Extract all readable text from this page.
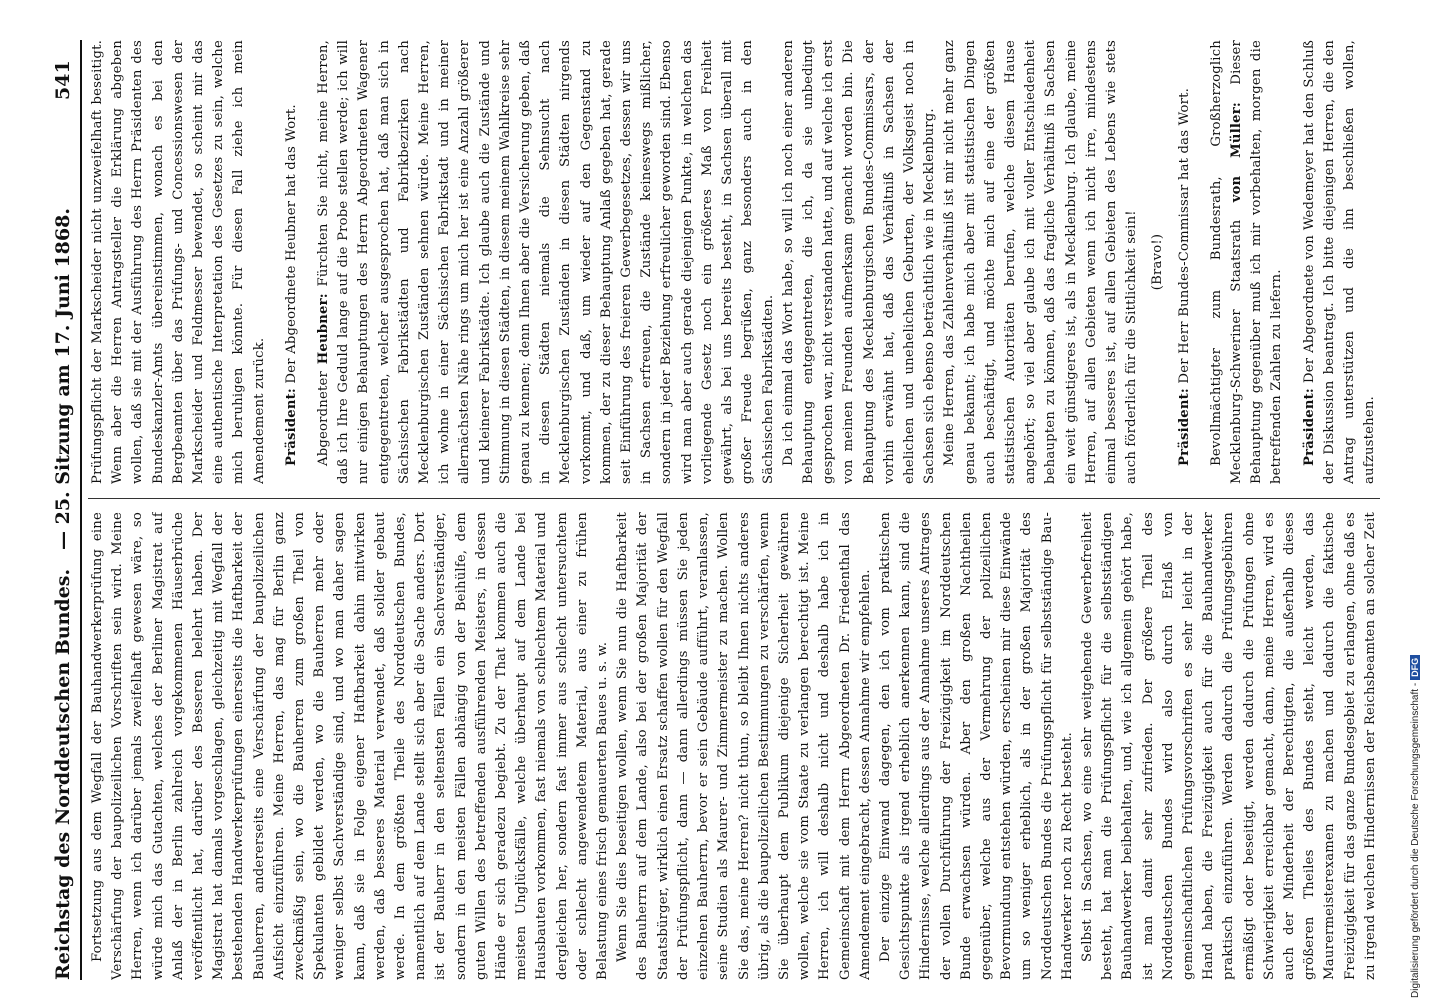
Reichstag des Norddeutschen Bundes.
— 25. Sitzung am 17. Juni 1868.
541

Fortsetzung aus dem Wegfall der Bauhandwerkerprüfung eine Verschärfung der baupolizeilichen Vorschriften sein wird. Meine Herren, wenn ich darüber jemals zweifelhaft gewesen wäre, so würde mich das Gutachten, welches der Berliner Magistrat auf Anlaß der in Berlin zahlreich vorgekommenen Häuserbrüche veröffentlicht hat, darüber des Besseren belehrt haben. Der Magistrat hat damals vorgeschlagen, gleichzeitig mit Wegfall der bestehenden Handwerkerprüfungen einerseits die Haftbarkeit der Bauherren, andererseits eine Verschärfung der baupolizeilichen Aufsicht einzuführen. Meine Herren, das mag für Berlin ganz zweckmäßig sein, wo die Bauherren zum großen Theil von Spekulanten gebildet werden, wo die Bauherren mehr oder weniger selbst Sachverständige sind, und wo man daher sagen kann, daß sie in Folge eigener Haftbarkeit dahin mitwirken werden, daß besseres Material verwendet, daß solider gebaut werde. In dem größten Theile des Norddeutschen Bundes, namentlich auf dem Lande stellt sich aber die Sache anders. Dort ist der Bauherr in den seltensten Fällen ein Sachverständiger, sondern in den meisten Fällen abhängig von der Beihülfe, dem guten Willen des betreffenden ausführenden Meisters, in dessen Hände er sich geradezu begiebt. Zu der That kommen auch die meisten Unglücksfälle, welche überhaupt auf dem Lande bei Hausbauten vorkommen, fast niemals von schlechtem Material und dergleichen her, sondern fast immer aus schlecht untersuchtem oder schlecht angewendetem Material, aus einer zu frühen Belastung eines frisch gemauerten Baues u. s. w. Wenn Sie dies beseitigen wollen, wenn Sie nun die Haftbarkeit des Bauherrn auf dem Lande, also bei der großen Majorität der Staatsbürger, wirklich einen Ersatz schaffen wollen für den Wegfall der Prüfungspflicht, dann — dann allerdings müssen Sie jeden einzelnen Bauherrn, bevor er sein Gebäude aufführt, veranlassen, seine Studien als Maurer- und Zimmermeister zu machen. Wollen Sie das, meine Herren? nicht thun, so bleibt Ihnen nichts anderes übrig, als die baupolizeilichen Bestimmungen zu verschärfen, wenn Sie überhaupt dem Publikum diejenige Sicherheit gewähren wollen, welche sie vom Staate zu verlangen berechtigt ist. Meine Herren, ich will deshalb nicht und deshalb habe ich in Gemeinschaft mit dem Herrn Abgeordneten Dr. Friedenthal das Amendement eingebracht, dessen Annahme wir empfehlen. Der einzige Einwand dagegen, den ich vom praktischen Gesichtspunkte als irgend erheblich anerkennen kann, sind die Hindernisse, welche allerdings aus der Annahme unseres Antrages der vollen Durchführung der Freizügigkeit im Norddeutschen Bunde erwachsen würden. Aber den großen Nachtheilen gegenüber, welche aus der Vermehrung der polizeilichen Bevormundung entstehen würden, erscheinen mir diese Einwände um so weniger erheblich, als in der großen Majorität des Norddeutschen Bundes die Prüfungspflicht für selbstständige Bau-Handwerker noch zu Recht besteht. Selbst in Sachsen, wo eine sehr weitgehende Gewerbefreiheit besteht, hat man die Prüfungspflicht für die selbstständigen Bauhandwerker beibehalten, und, wie ich allgemein gehört habe, ist man damit sehr zufrieden. Der größere Theil des Norddeutschen Bundes wird also durch Erlaß von gemeinschaftlichen Prüfungsvorschriften es sehr leicht in der Hand haben, die Freizügigkeit auch für die Bauhandwerker praktisch einzuführen. Werden dadurch die Prüfungsgebühren ermäßigt oder beseitigt, werden dadurch die Prüfungen ohne Schwierigkeit erreichbar gemacht, dann, meine Herren, wird es auch der Minderheit der Berechtigten, die außerhalb dieses größeren Theiles des Bundes steht, leicht werden, das Maurermeisterexamen zu machen und dadurch die faktische Freizügigkeit für das ganze Bundesgebiet zu erlangen, ohne daß es zu irgend welchen Hindernissen der Reichsbeamten an solcher Zeit

Prüfungspflicht der Markscheider nicht unzweifelhaft beseitigt. Wenn aber die Herren Antragsteller die Erklärung abgeben wollen, daß sie mit der Ausführung des Herrn Präsidenten des Bundeskanzler-Amts übereinstimmen, wonach es bei den Bergbeamten über das Prüfungs- und Concessionswesen der Markscheider und Feldmesser bewendet, so scheint mir das eine authentische Interpretation des Gesetzes zu sein, welche mich beruhigen könnte. Für diesen Fall ziehe ich mein Amendement zurück. Präsident: Der Abgeordnete Heubner hat das Wort.

Abgeordneter Heubner: Fürchten Sie nicht, meine Herren, daß ich Ihre Geduld lange auf die Probe stellen werde; ich will nur einigen Behauptungen des Herrn Abgeordneten Wagener entgegentreten, welcher ausgesprochen hat, daß man sich in Sächsischen Fabrikstädten und Fabrikbezirken nach Mecklenburgischen Zuständen sehnen würde. Meine Herren, ich wohne in einer Sächsischen Fabrikstadt und in meiner allernächsten Nähe rings um mich her ist eine Anzahl größerer und kleinerer Fabrikstädte. Ich glaube auch die Zustände und Stimmung in diesen Städten, in diesem meinem Wahlkreise sehr genau zu kennen; denn Ihnen aber die Versicherung geben, daß in diesen Städten niemals die Sehnsucht nach Mecklenburgischen Zuständen in diesen Städten nirgends vorkommt, und daß, um wieder auf den Gegenstand zu kommen, der zu dieser Behauptung Anlaß gegeben hat, gerade seit Einführung des freieren Gewerbegesetzes, dessen wir uns in Sachsen erfreuen, die Zustände keineswegs mißlicher, sondern in jeder Beziehung erfreulicher geworden sind. Ebenso wird man aber auch gerade diejenigen Punkte, in welchen das vorliegende Gesetz noch ein größeres Maß von Freiheit gewährt, als bei uns bereits besteht, in Sachsen überall mit großer Freude begrüßen, ganz besonders auch in den Sächsischen Fabrikstädten. Da ich einmal das Wort habe, so will ich noch einer anderen Behauptung entgegentreten, die ich, da sie unbedingt gesprochen war, nicht verstanden hatte, und auf welche ich erst von meinen Freunden aufmerksam gemacht worden bin. Die Behauptung des Mecklenburgischen Bundes-Commissars, der vorhin erwähnt hat, daß das Verhältniß in Sachsen der ehelichen und unehelichen Geburten, der Volksgeist noch in Sachsen sich ebenso beträchtlich wie in Mecklenburg. Meine Herren, das Zahlenverhältniß ist mir nicht mehr ganz genau bekannt; ich habe mich aber mit statistischen Dingen auch beschäftigt, und möchte mich auf eine der größten statistischen Autoritäten berufen, welche diesem Hause angehört; so viel aber glaube ich mit voller Entschiedenheit behaupten zu können, daß das fragliche Verhältniß in Sachsen ein weit günstigeres ist, als in Mecklenburg. Ich glaube, meine Herren, auf allen Gebieten wenn ich nicht irre, mindestens einmal besseres ist, auf allen Gebieten des Lebens wie stets auch förderlich für die Sittlichkeit sein! (Bravo!)

Präsident: Der Herr Bundes-Commissar hat das Wort. Bevollmächtigter zum Bundesrath, Großherzoglich Mecklenburg-Schweriner Staatsrath von Müller: Dieser Behauptung gegenüber muß ich mir vorbehalten, morgen die betreffenden Zahlen zu liefern. Präsident: Der Abgeordnete von Wedemeyer hat den Schluß der Diskussion beantragt. Ich bitte diejenigen Herren, die den Antrag unterstützen und die ihn beschließen wollen, aufzustehen.

Digitalisierung gefördert durch die Deutsche Forschungsgemeinschaft -DFG
